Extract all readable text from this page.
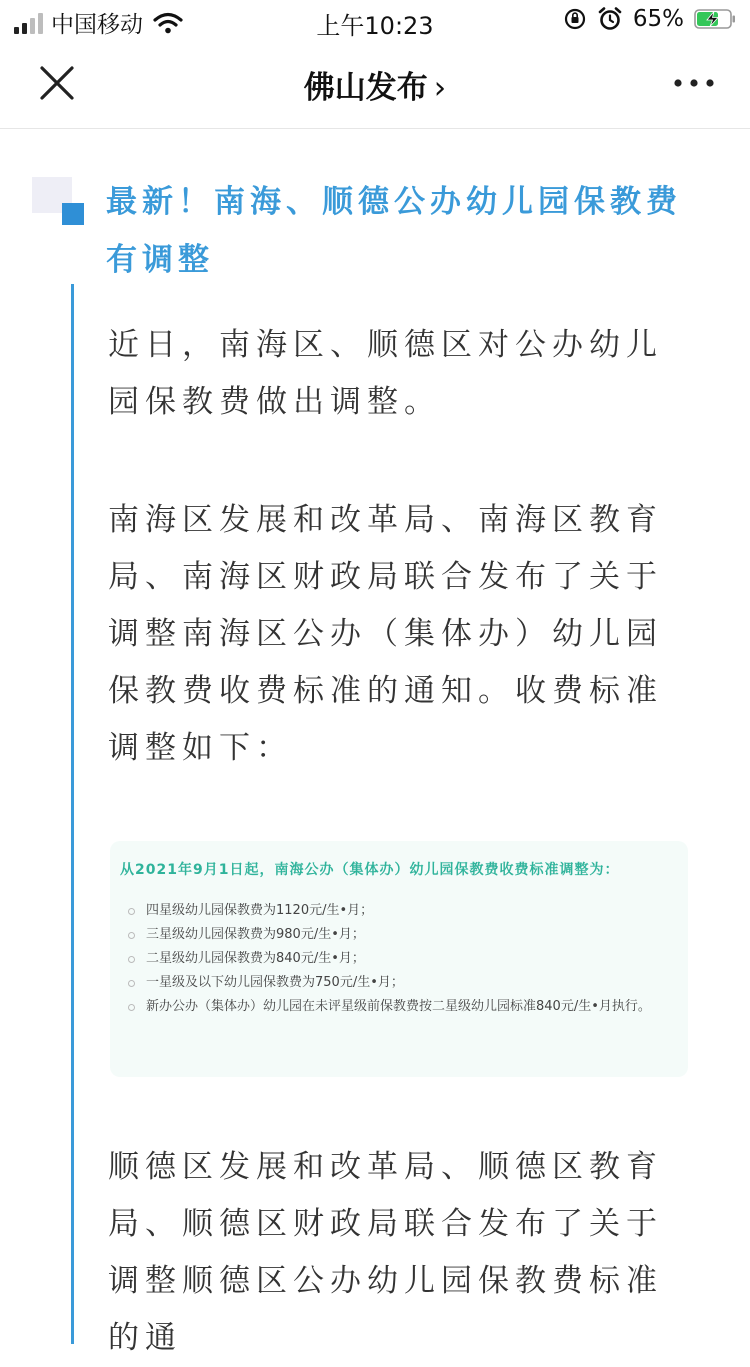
中国移动	上午10:23	65%
佛山发布 ›
最新！南海、顺德公办幼儿园保教费有调整

近日，南海区、顺德区对公办幼儿园保教费做出调整。

南海区发展和改革局、南海区教育局、南海区财政局联合发布了关于调整南海区公办（集体办）幼儿园保教费收费标准的通知。收费标准调整如下：

从2021年9月1日起，南海公办（集体办）幼儿园保教费收费标准调整为：
四星级幼儿园保教费为1120元/生•月；
三星级幼儿园保教费为980元/生•月；
二星级幼儿园保教费为840元/生•月；
一星级及以下幼儿园保教费为750元/生•月；
新办公办（集体办）幼儿园在未评星级前保教费按二星级幼儿园标准840元/生•月执行。

顺德区发展和改革局、顺德区教育局、顺德区财政局联合发布了关于调整顺德区公办幼儿园保教费标准的通
